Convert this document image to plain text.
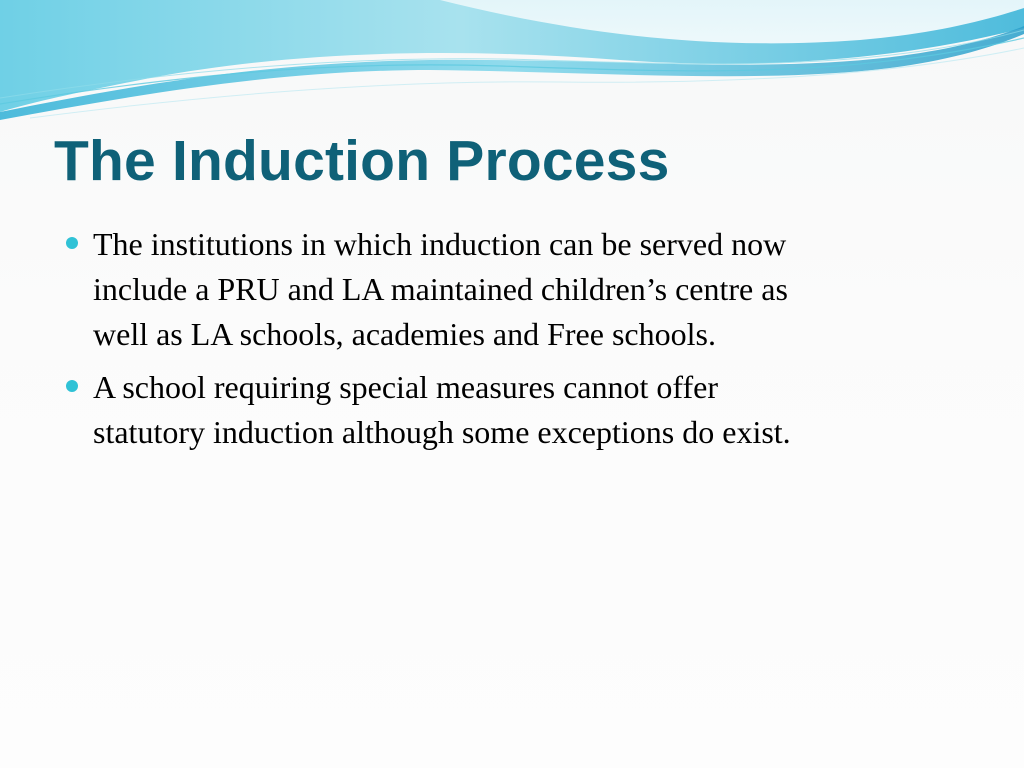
The Induction Process
The institutions in which induction can be served now
include a PRU and LA maintained children’s centre as
well as LA schools, academies and Free schools.
A school requiring special measures cannot offer
statutory induction although some exceptions do exist.
